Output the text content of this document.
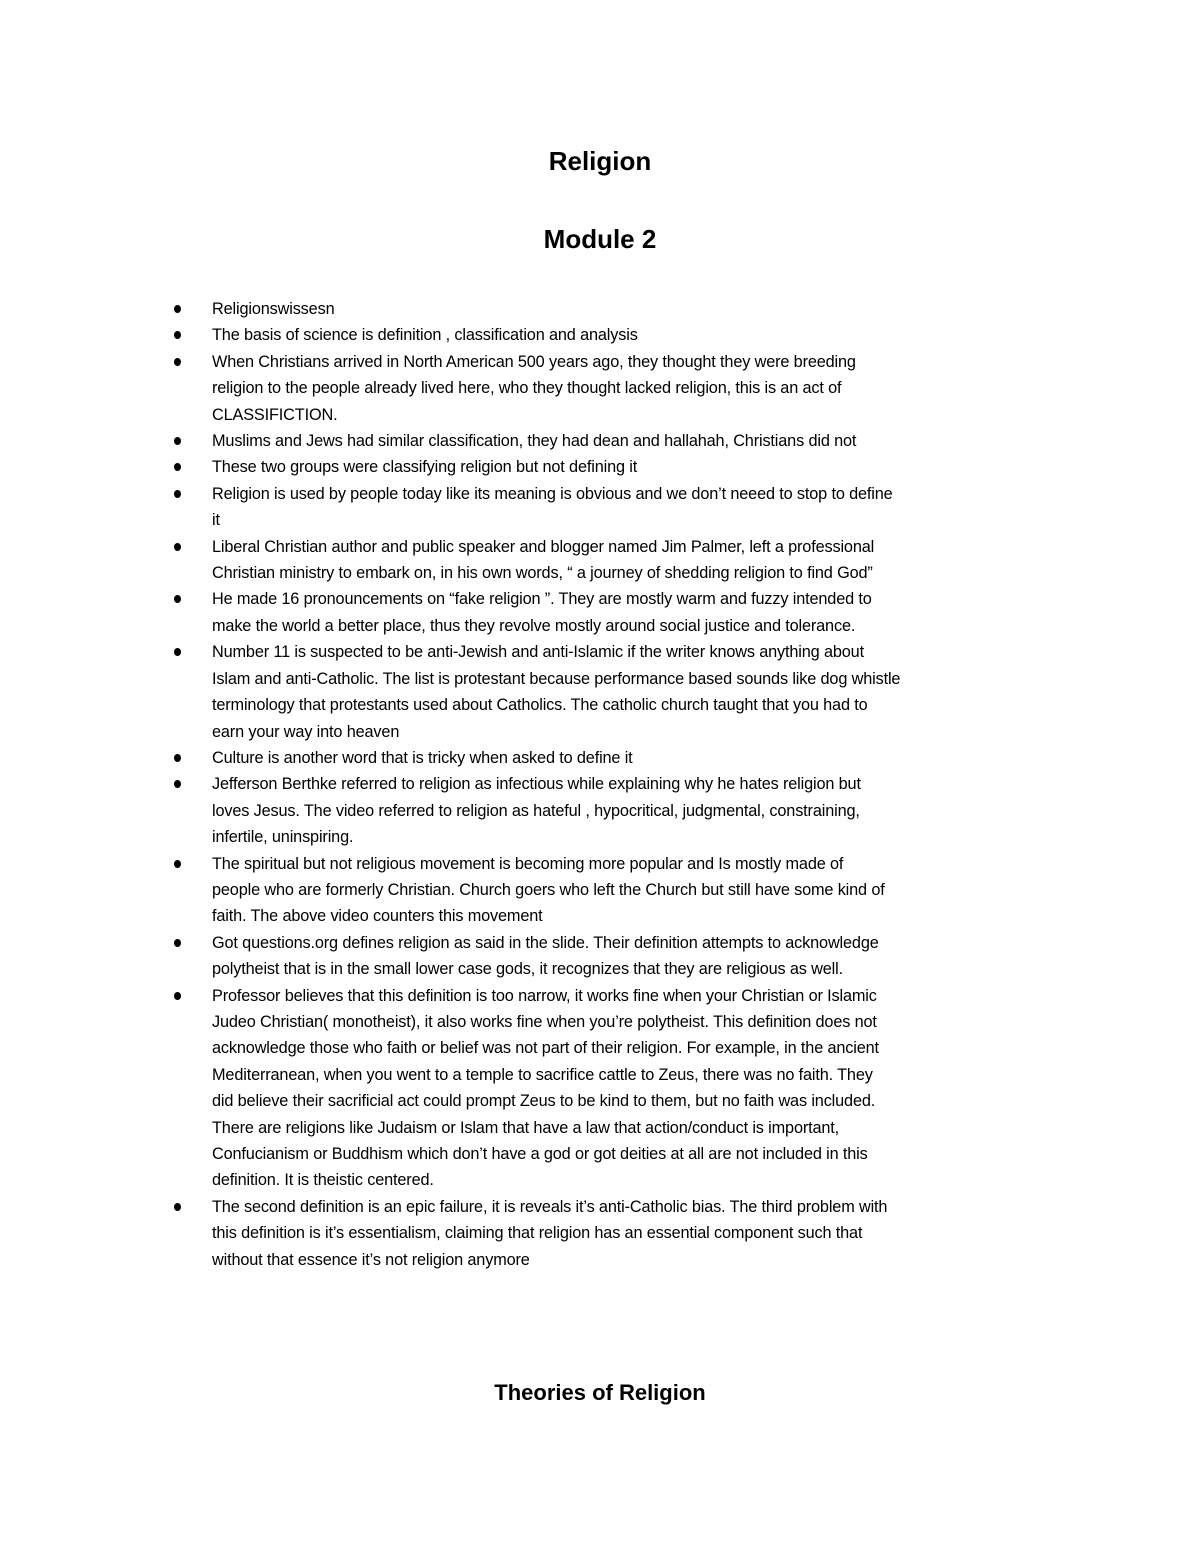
Religion
Module 2
Religionswissesn
The basis of science is definition , classification and analysis
When Christians arrived in North American 500 years ago, they thought they were breeding
religion to the people already lived here, who they thought lacked religion, this is an act of
CLASSIFICTION.
Muslims and Jews had similar classification, they had dean and hallahah, Christians did not
These two groups were classifying religion but not defining it
Religion is used by people today like its meaning is obvious and we don’t neeed to stop to define
it
Liberal Christian author and public speaker and blogger named Jim Palmer, left a professional
Christian ministry to embark on, in his own words, “ a journey of shedding religion to find God”
He made 16 pronouncements on “fake religion ”. They are mostly warm and fuzzy intended to
make the world a better place, thus they revolve mostly around social justice and tolerance.
Number 11 is suspected to be anti-Jewish and anti-Islamic if the writer knows anything about
Islam and anti-Catholic. The list is protestant because performance based sounds like dog whistle
terminology that protestants used about Catholics. The catholic church taught that you had to
earn your way into heaven
Culture is another word that is tricky when asked to define it
Jefferson Berthke referred to religion as infectious while explaining why he hates religion but
loves Jesus. The video referred to religion as hateful , hypocritical, judgmental, constraining,
infertile, uninspiring.
The spiritual but not religious movement is becoming more popular and Is mostly made of
people who are formerly Christian. Church goers who left the Church but still have some kind of
faith. The above video counters this movement
Got questions.org defines religion as said in the slide. Their definition attempts to acknowledge
polytheist that is in the small lower case gods, it recognizes that they are religious as well.
Professor believes that this definition is too narrow, it works fine when your Christian or Islamic
Judeo Christian( monotheist), it also works fine when you’re polytheist. This definition does not
acknowledge those who faith or belief was not part of their religion. For example, in the ancient
Mediterranean, when you went to a temple to sacrifice cattle to Zeus, there was no faith. They
did believe their sacrificial act could prompt Zeus to be kind to them, but no faith was included.
There are religions like Judaism or Islam that have a law that action/conduct is important,
Confucianism or Buddhism which don’t have a god or got deities at all are not included in this
definition. It is theistic centered.
The second definition is an epic failure, it is reveals it’s anti-Catholic bias. The third problem with
this definition is it’s essentialism, claiming that religion has an essential component such that
without that essence it’s not religion anymore
Theories of Religion
